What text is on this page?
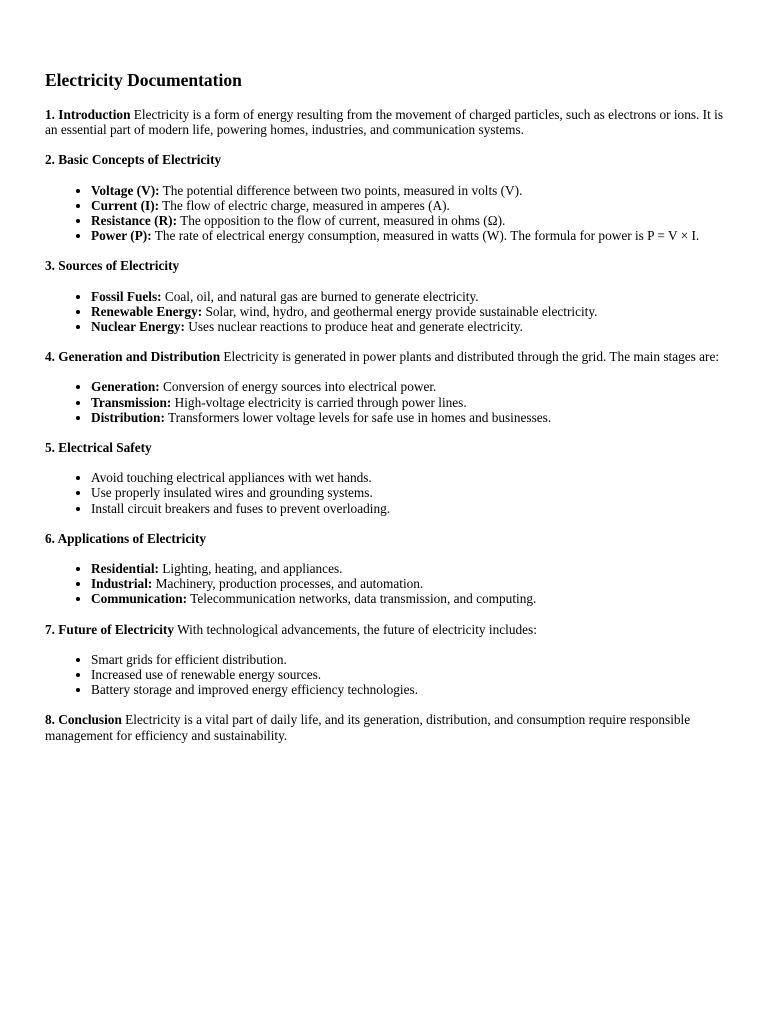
Electricity Documentation

1. Introduction Electricity is a form of energy resulting from the movement of charged particles, such as electrons or ions. It is an essential part of modern life, powering homes, industries, and communication systems.

2. Basic Concepts of Electricity

• Voltage (V): The potential difference between two points, measured in volts (V).
• Current (I): The flow of electric charge, measured in amperes (A).
• Resistance (R): The opposition to the flow of current, measured in ohms (Ω).
• Power (P): The rate of electrical energy consumption, measured in watts (W). The formula for power is P = V × I.

3. Sources of Electricity

• Fossil Fuels: Coal, oil, and natural gas are burned to generate electricity.
• Renewable Energy: Solar, wind, hydro, and geothermal energy provide sustainable electricity.
• Nuclear Energy: Uses nuclear reactions to produce heat and generate electricity.

4. Generation and Distribution Electricity is generated in power plants and distributed through the grid. The main stages are:

• Generation: Conversion of energy sources into electrical power.
• Transmission: High-voltage electricity is carried through power lines.
• Distribution: Transformers lower voltage levels for safe use in homes and businesses.

5. Electrical Safety

• Avoid touching electrical appliances with wet hands.
• Use properly insulated wires and grounding systems.
• Install circuit breakers and fuses to prevent overloading.

6. Applications of Electricity

• Residential: Lighting, heating, and appliances.
• Industrial: Machinery, production processes, and automation.
• Communication: Telecommunication networks, data transmission, and computing.

7. Future of Electricity With technological advancements, the future of electricity includes:

• Smart grids for efficient distribution.
• Increased use of renewable energy sources.
• Battery storage and improved energy efficiency technologies.

8. Conclusion Electricity is a vital part of daily life, and its generation, distribution, and consumption require responsible management for efficiency and sustainability.
